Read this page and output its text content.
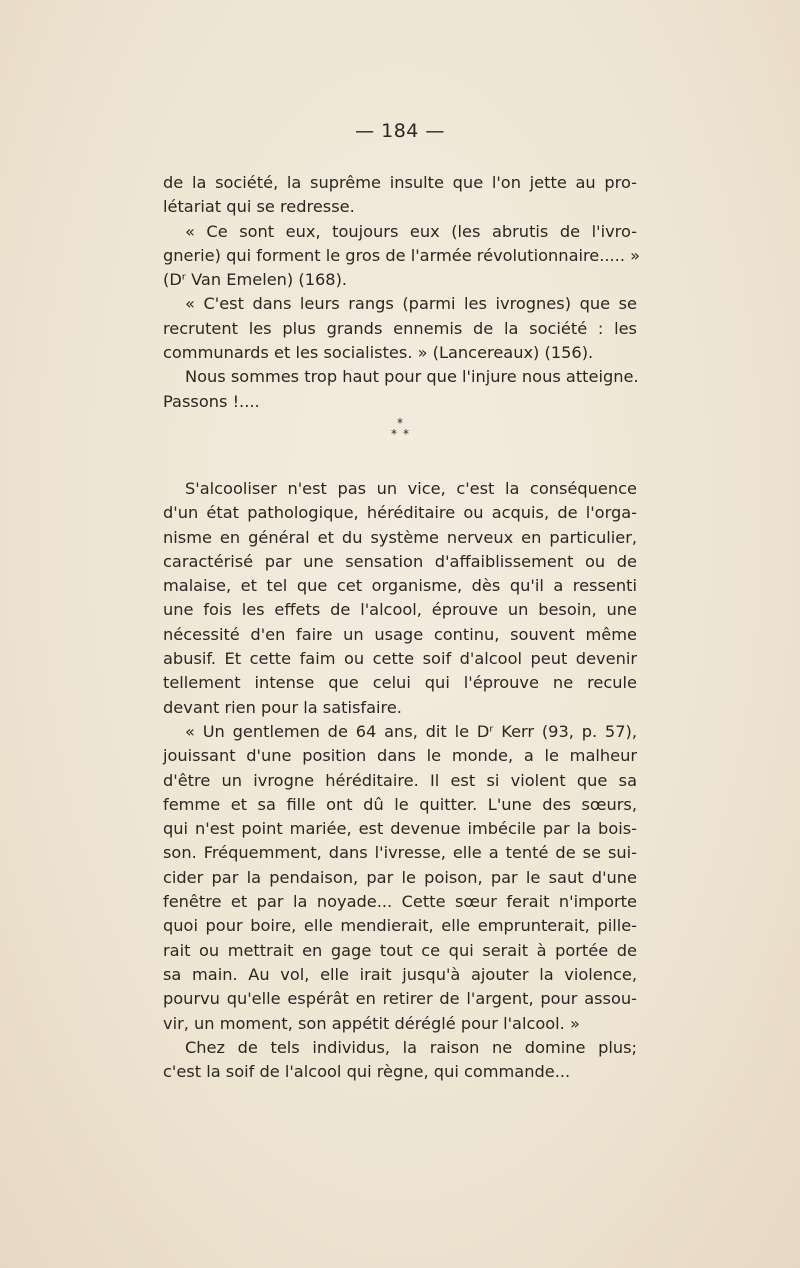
— 184 —
de la société, la suprême insulte que l'on jette au pro-
létariat qui se redresse.
« Ce sont eux, toujours eux (les abrutis de l'ivro-
gnerie) qui forment le gros de l'armée révolutionnaire..... »
(Dʳ Van Emelen) (168).
« C'est dans leurs rangs (parmi les ivrognes) que se
recrutent les plus grands ennemis de la société : les
communards et les socialistes. » (Lancereaux) (156).
Nous sommes trop haut pour que l'injure nous atteigne.
Passons !....
*
**
S'alcooliser n'est pas un vice, c'est la conséquence
d'un état pathologique, héréditaire ou acquis, de l'orga-
nisme en général et du système nerveux en particulier,
caractérisé par une sensation d'affaiblissement ou de
malaise, et tel que cet organisme, dès qu'il a ressenti
une fois les effets de l'alcool, éprouve un besoin, une
nécessité d'en faire un usage continu, souvent même
abusif. Et cette faim ou cette soif d'alcool peut devenir
tellement intense que celui qui l'éprouve ne recule
devant rien pour la satisfaire.
« Un gentlemen de 64 ans, dit le Dʳ Kerr (93, p. 57),
jouissant d'une position dans le monde, a le malheur
d'être un ivrogne héréditaire. Il est si violent que sa
femme et sa fille ont dû le quitter. L'une des sœurs,
qui n'est point mariée, est devenue imbécile par la bois-
son. Fréquemment, dans l'ivresse, elle a tenté de se sui-
cider par la pendaison, par le poison, par le saut d'une
fenêtre et par la noyade... Cette sœur ferait n'importe
quoi pour boire, elle mendierait, elle emprunterait, pille-
rait ou mettrait en gage tout ce qui serait à portée de
sa main. Au vol, elle irait jusqu'à ajouter la violence,
pourvu qu'elle espérât en retirer de l'argent, pour assou-
vir, un moment, son appétit déréglé pour l'alcool. »
Chez de tels individus, la raison ne domine plus;
c'est la soif de l'alcool qui règne, qui commande...
